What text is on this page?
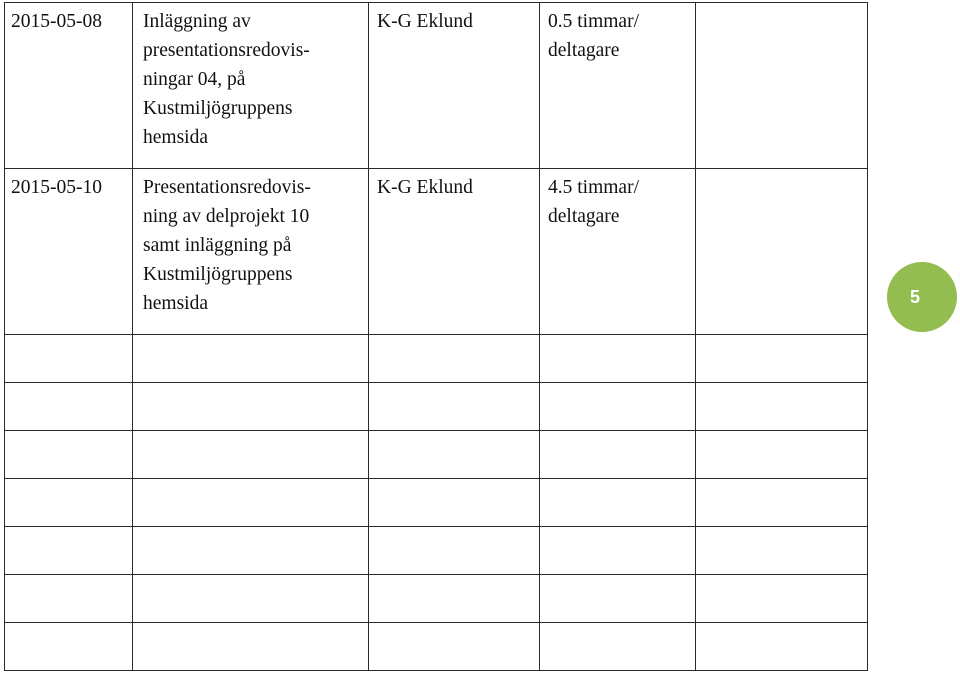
2015-05-08	Inläggning av
presentationsredovis-
ningar 04, på
Kustmiljögruppens
hemsida	K-G Eklund	0.5 timmar/
deltagare	
2015-05-10	Presentationsredovis-
ning av delprojekt 10
samt inläggning på
Kustmiljögruppens
hemsida	K-G Eklund	4.5 timmar/
deltagare	

5
